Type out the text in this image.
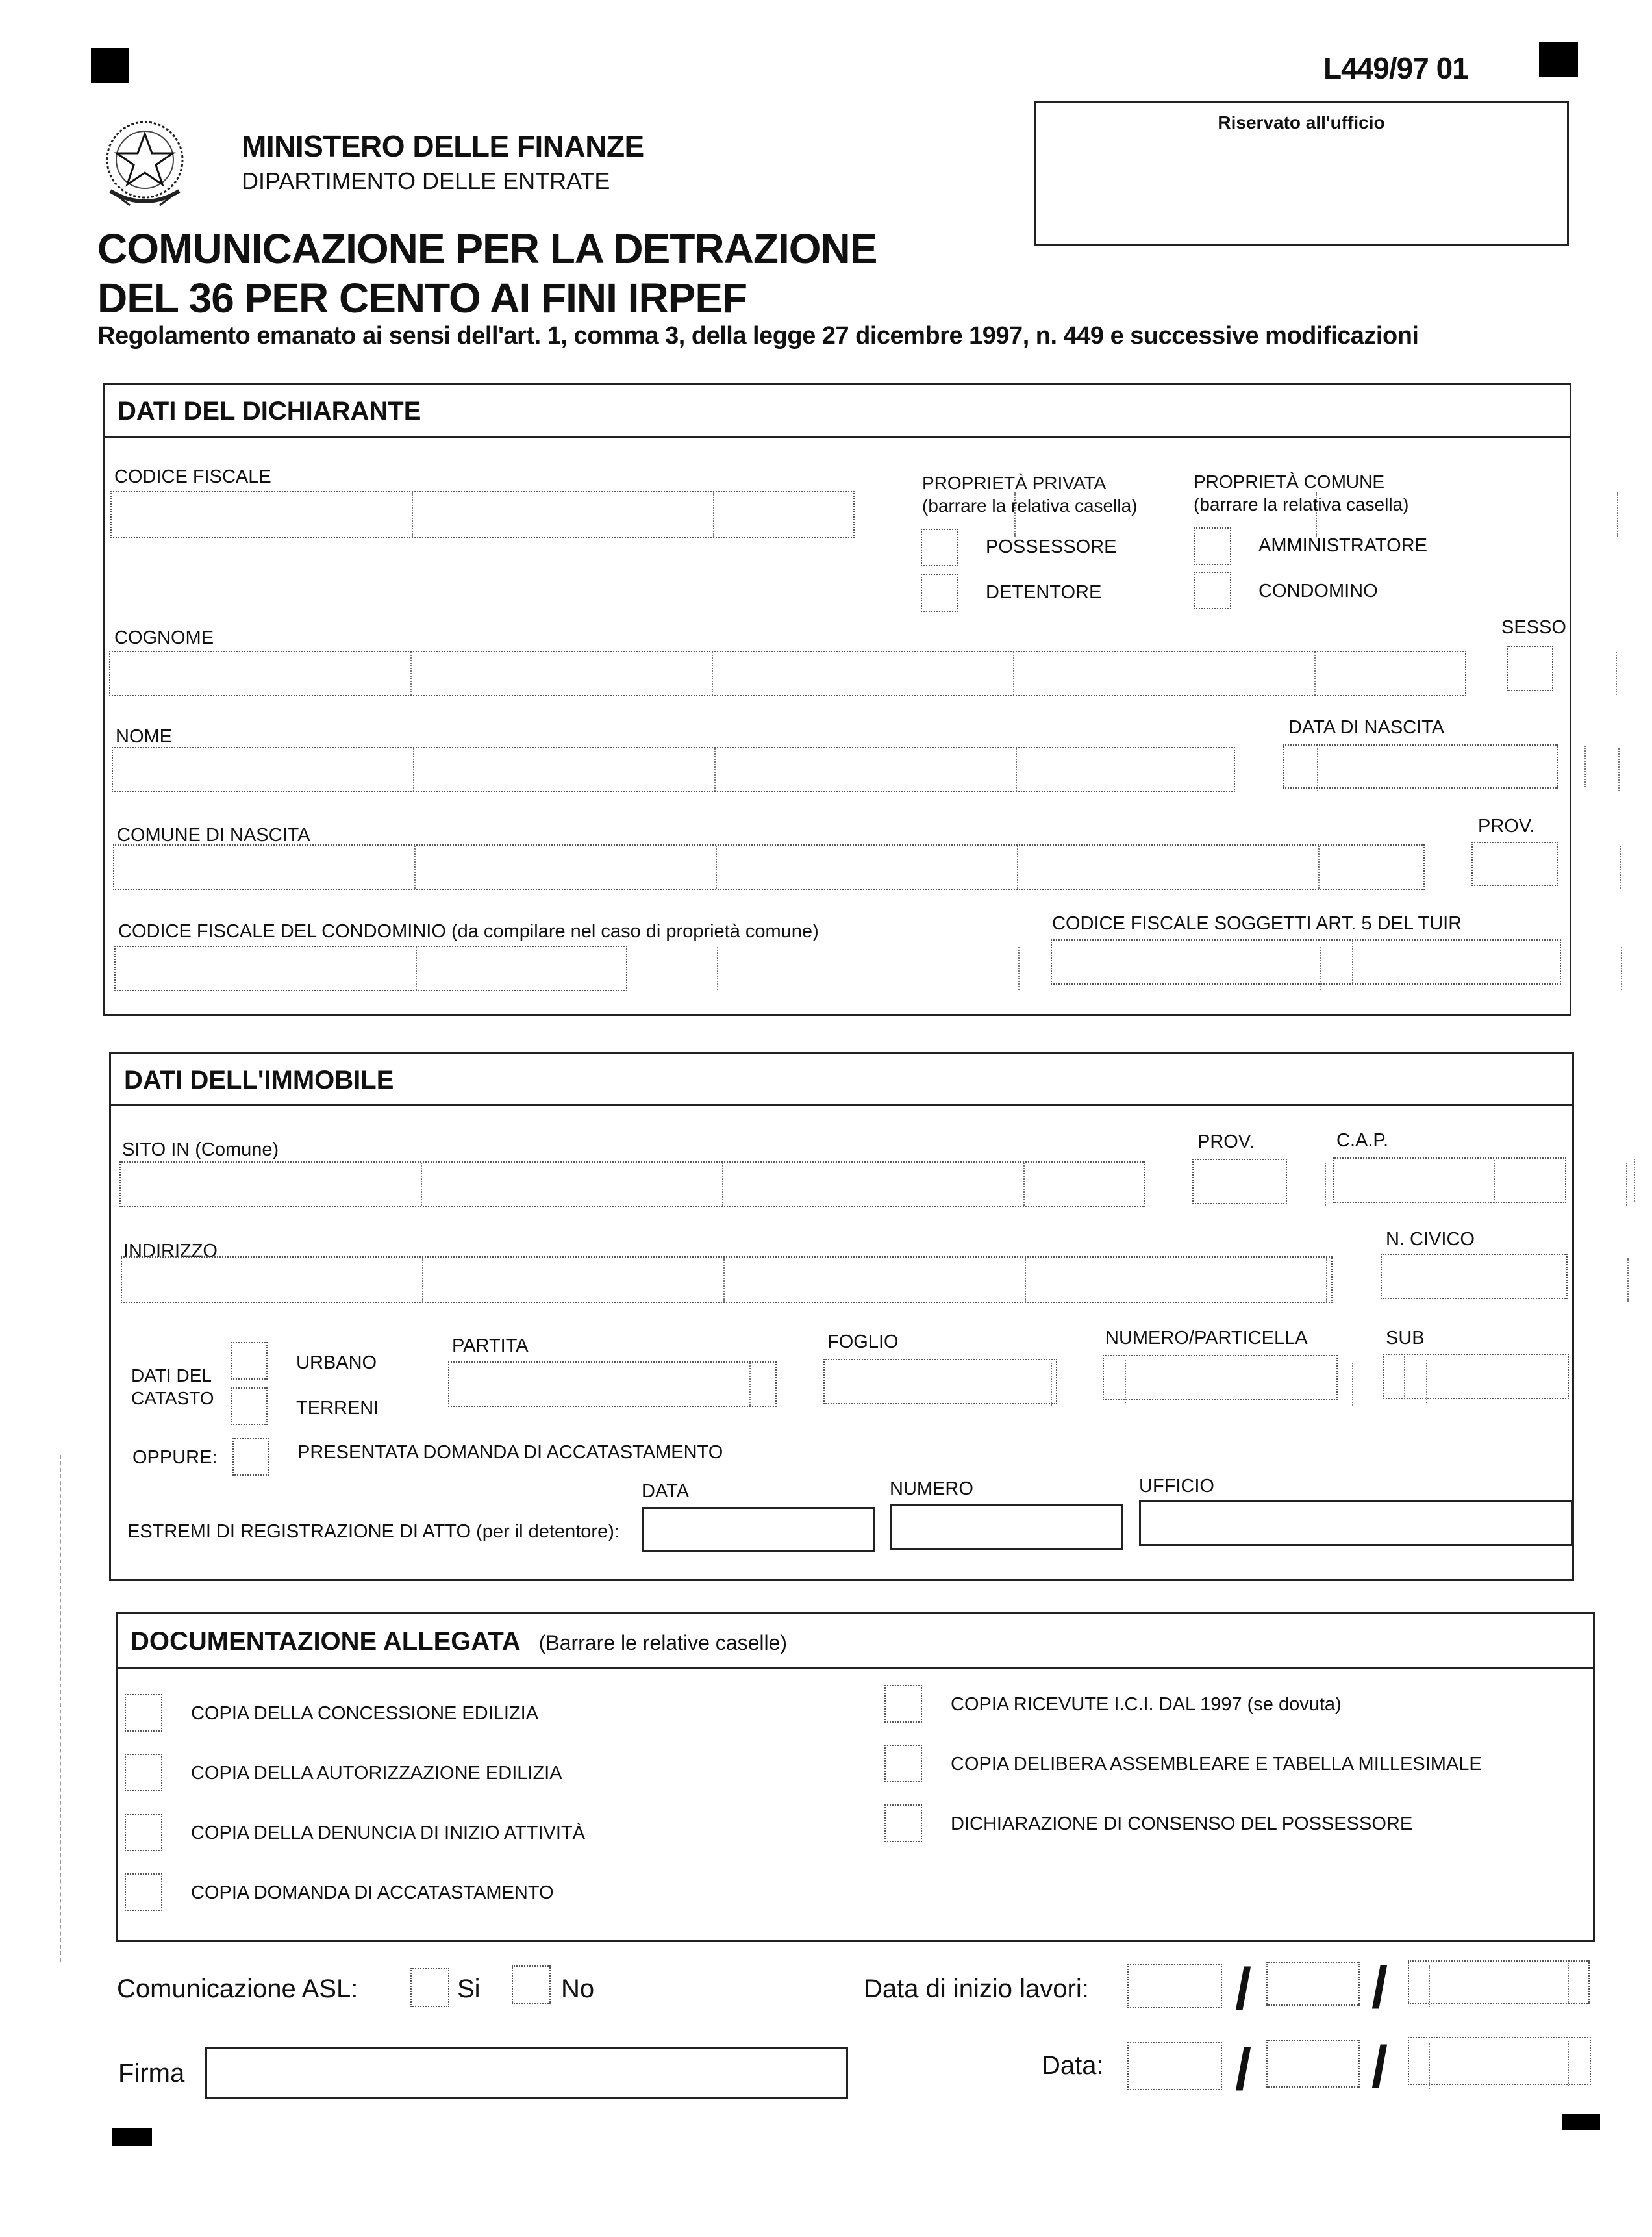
L449/97 01
Riservato all'ufficio
MINISTERO DELLE FINANZE
DIPARTIMENTO DELLE ENTRATE
COMUNICAZIONE PER LA DETRAZIONE
DEL 36 PER CENTO AI FINI IRPEF
Regolamento emanato ai sensi dell'art. 1, comma 3, della legge 27 dicembre 1997, n. 449 e successive modificazioni
DATI DEL DICHIARANTE
CODICE FISCALE	PROPRIETÀ PRIVATA
(barrare la relativa casella)
POSSESSORE
DETENTORE
PROPRIETÀ COMUNE
(barrare la relativa casella)
AMMINISTRATORE
CONDOMINO
SESSO
COGNOME
NOME	DATA DI NASCITA
COMUNE DI NASCITA	PROV.
CODICE FISCALE DEL CONDOMINIO (da compilare nel caso di proprietà comune)	CODICE FISCALE SOGGETTI ART. 5 DEL TUIR
DATI DELL'IMMOBILE
SITO IN (Comune)	PROV.	C.A.P.
INDIRIZZO
N. CIVICO
DATI DEL
CATASTO
URBANO
TERRENI
PARTITA	FOGLIO	NUMERO/PARTICELLA	SUB
OPPURE:	PRESENTATA DOMANDA DI ACCATASTAMENTO
DATA	NUMERO	UFFICIO
ESTREMI DI REGISTRAZIONE DI ATTO (per il detentore):
DOCUMENTAZIONE ALLEGATA (Barrare le relative caselle)
COPIA DELLA CONCESSIONE EDILIZIA
COPIA DELLA AUTORIZZAZIONE EDILIZIA
COPIA DELLA DENUNCIA DI INIZIO ATTIVITÀ
COPIA DOMANDA DI ACCATASTAMENTO
COPIA RICEVUTE I.C.I. DAL 1997 (se dovuta)
COPIA DELIBERA ASSEMBLEARE E TABELLA MILLESIMALE
DICHIARAZIONE DI CONSENSO DEL POSSESSORE
Comunicazione ASL:	Si	No	Data di inizio lavori:	/ /
Firma	Data: / /
